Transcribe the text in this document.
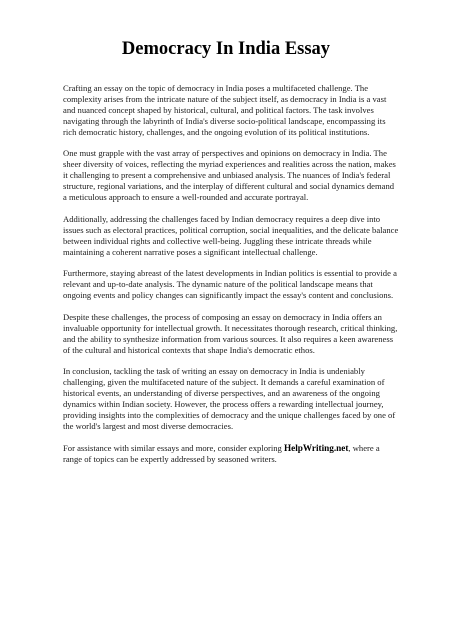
Democracy In India Essay

Crafting an essay on the topic of democracy in India poses a multifaceted challenge. The
complexity arises from the intricate nature of the subject itself, as democracy in India is a vast
and nuanced concept shaped by historical, cultural, and political factors. The task involves
navigating through the labyrinth of India's diverse socio-political landscape, encompassing its
rich democratic history, challenges, and the ongoing evolution of its political institutions.

One must grapple with the vast array of perspectives and opinions on democracy in India. The
sheer diversity of voices, reflecting the myriad experiences and realities across the nation, makes
it challenging to present a comprehensive and unbiased analysis. The nuances of India's federal
structure, regional variations, and the interplay of different cultural and social dynamics demand
a meticulous approach to ensure a well-rounded and accurate portrayal.

Additionally, addressing the challenges faced by Indian democracy requires a deep dive into
issues such as electoral practices, political corruption, social inequalities, and the delicate balance
between individual rights and collective well-being. Juggling these intricate threads while
maintaining a coherent narrative poses a significant intellectual challenge.

Furthermore, staying abreast of the latest developments in Indian politics is essential to provide a
relevant and up-to-date analysis. The dynamic nature of the political landscape means that
ongoing events and policy changes can significantly impact the essay's content and conclusions.

Despite these challenges, the process of composing an essay on democracy in India offers an
invaluable opportunity for intellectual growth. It necessitates thorough research, critical thinking,
and the ability to synthesize information from various sources. It also requires a keen awareness
of the cultural and historical contexts that shape India's democratic ethos.

In conclusion, tackling the task of writing an essay on democracy in India is undeniably
challenging, given the multifaceted nature of the subject. It demands a careful examination of
historical events, an understanding of diverse perspectives, and an awareness of the ongoing
dynamics within Indian society. However, the process offers a rewarding intellectual journey,
providing insights into the complexities of democracy and the unique challenges faced by one of
the world's largest and most diverse democracies.

For assistance with similar essays and more, consider exploring HelpWriting.net, where a
range of topics can be expertly addressed by seasoned writers.
